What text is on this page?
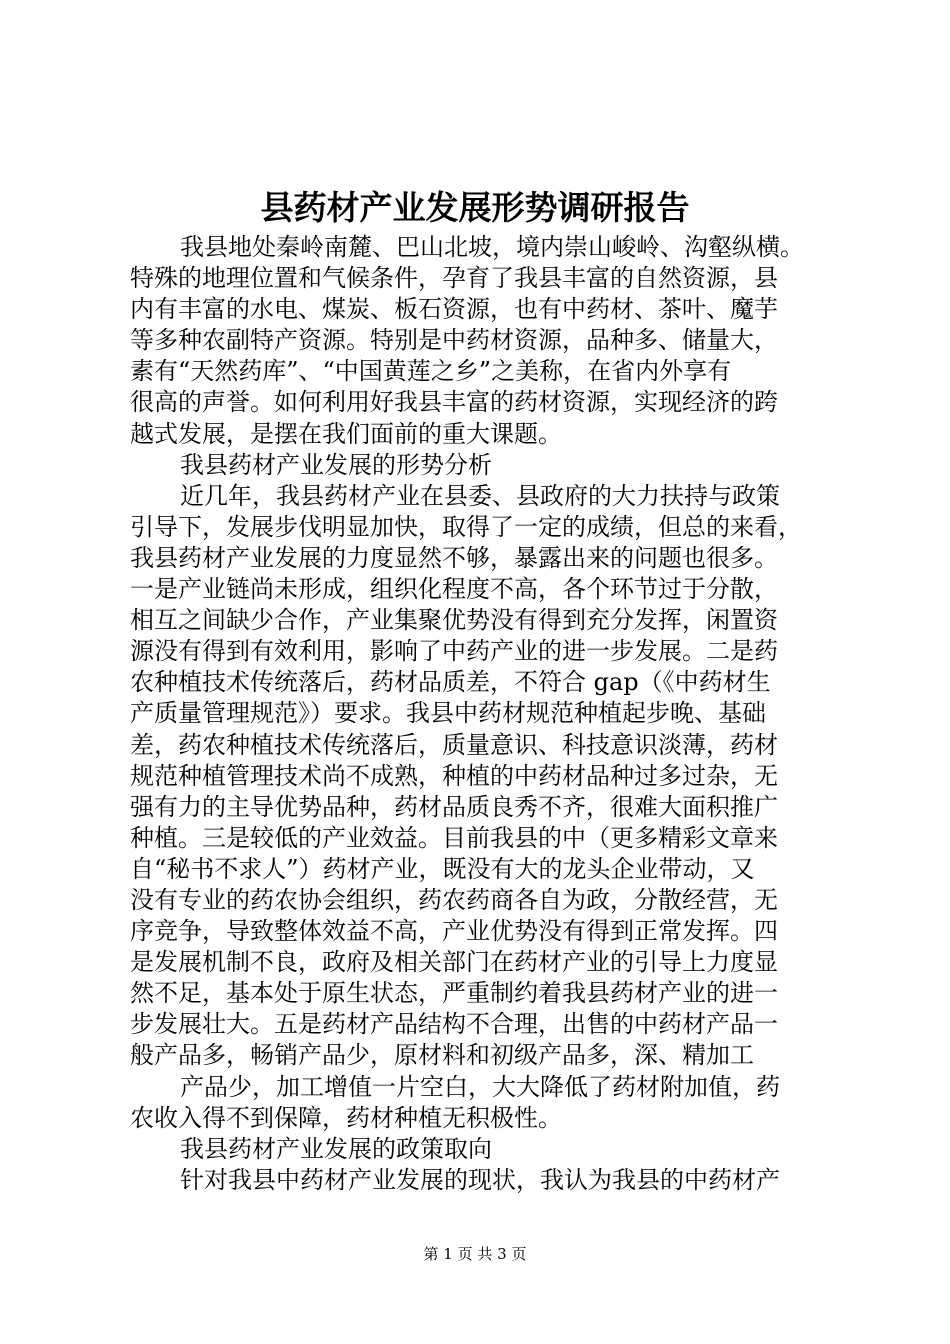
县药材产业发展形势调研报告
我县地处秦岭南麓、巴山北坡，境内崇山峻岭、沟壑纵横。
特殊的地理位置和气候条件，孕育了我县丰富的自然资源，县
内有丰富的水电、煤炭、板石资源，也有中药材、茶叶、魔芋
等多种农副特产资源。特别是中药材资源，品种多、储量大，
素有“天然药库”、“中国黄莲之乡”之美称，在省内外享有
很高的声誉。如何利用好我县丰富的药材资源，实现经济的跨
越式发展，是摆在我们面前的重大课题。
我县药材产业发展的形势分析
近几年，我县药材产业在县委、县政府的大力扶持与政策
引导下，发展步伐明显加快，取得了一定的成绩，但总的来看，
我县药材产业发展的力度显然不够，暴露出来的问题也很多。
一是产业链尚未形成，组织化程度不高，各个环节过于分散，
相互之间缺少合作，产业集聚优势没有得到充分发挥，闲置资
源没有得到有效利用，影响了中药产业的进一步发展。二是药
农种植技术传统落后，药材品质差，不符合 gap（《中药材生
产质量管理规范》）要求。我县中药材规范种植起步晚、基础
差，药农种植技术传统落后，质量意识、科技意识淡薄，药材
规范种植管理技术尚不成熟，种植的中药材品种过多过杂，无
强有力的主导优势品种，药材品质良秀不齐，很难大面积推广
种植。三是较低的产业效益。目前我县的中（更多精彩文章来
自“秘书不求人”）药材产业，既没有大的龙头企业带动，又
没有专业的药农协会组织，药农药商各自为政，分散经营，无
序竞争，导致整体效益不高，产业优势没有得到正常发挥。四
是发展机制不良，政府及相关部门在药材产业的引导上力度显
然不足，基本处于原生状态，严重制约着我县药材产业的进一
步发展壮大。五是药材产品结构不合理，出售的中药材产品一
般产品多，畅销产品少，原材料和初级产品多，深、精加工
产品少，加工增值一片空白，大大降低了药材附加值，药
农收入得不到保障，药材种植无积极性。
我县药材产业发展的政策取向
针对我县中药材产业发展的现状，我认为我县的中药材产
第 1 页 共 3 页
